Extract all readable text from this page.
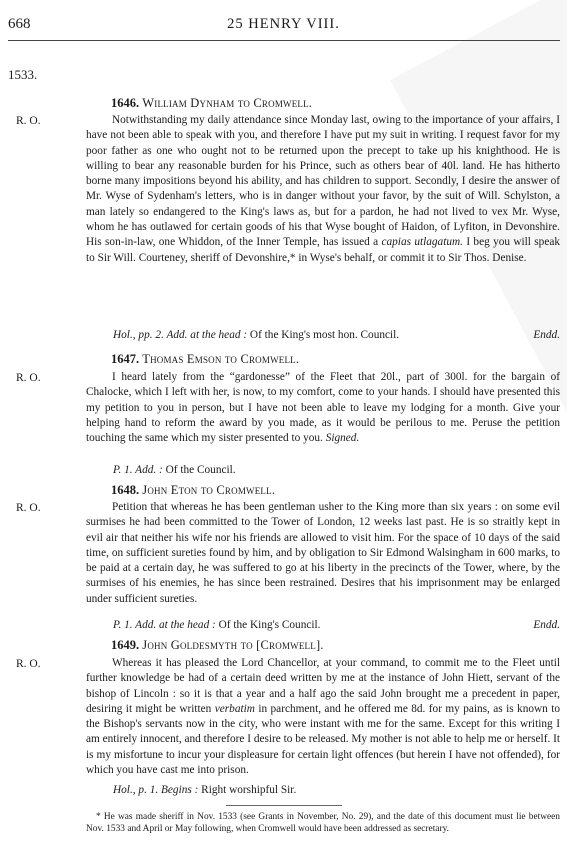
668	25 HENRY VIII.
1533.
R. O.
1646. William Dynham to Cromwell.

Notwithstanding my daily attendance since Monday last, owing to the importance of your affairs, I have not been able to speak with you, and therefore I have put my suit in writing. I request favor for my poor father as one who ought not to be returned upon the precept to take up his knighthood. He is willing to bear any reasonable burden for his Prince, such as others bear of 40l. land. He has hitherto borne many impositions beyond his ability, and has children to support. Secondly, I desire the answer of Mr. Wyse of Sydenham's letters, who is in danger without your favor, by the suit of Will. Schylston, a man lately so endangered to the King's laws as, but for a pardon, he had not lived to vex Mr. Wyse, whom he has outlawed for certain goods of his that Wyse bought of Haidon, of Lyfiton, in Devonshire. His son-in-law, one Whiddon, of the Inner Temple, has issued a capias utlagatum. I beg you will speak to Sir Will. Courteney, sheriff of Devonshire,* in Wyse's behalf, or commit it to Sir Thos. Denise.

Hol., pp. 2. Add. at the head : Of the King's most hon. Council.	Endd.

R. O.
1647. Thomas Emson to Cromwell.

I heard lately from the “gardonesse” of the Fleet that 20l., part of 300l. for the bargain of Chalocke, which I left with her, is now, to my comfort, come to your hands. I should have presented this my petition to you in person, but I have not been able to leave my lodging for a month. Give your helping hand to reform the award by you made, as it would be perilous to me. Peruse the petition touching the same which my sister presented to you. Signed.

P. 1. Add. : Of the Council.

R. O.
1648. John Eton to Cromwell.

Petition that whereas he has been gentleman usher to the King more than six years : on some evil surmises he had been committed to the Tower of London, 12 weeks last past. He is so straitly kept in evil air that neither his wife nor his friends are allowed to visit him. For the space of 10 days of the said time, on sufficient sureties found by him, and by obligation to Sir Edmond Walsingham in 600 marks, to be paid at a certain day, he was suffered to go at his liberty in the precincts of the Tower, where, by the surmises of his enemies, he has since been restrained. Desires that his imprisonment may be enlarged under sufficient sureties.

P. 1. Add. at the head : Of the King's Council.	Endd.

R. O.
1649. John Goldesmyth to [Cromwell].

Whereas it has pleased the Lord Chancellor, at your command, to commit me to the Fleet until further knowledge be had of a certain deed written by me at the instance of John Hiett, servant of the bishop of Lincoln : so it is that a year and a half ago the said John brought me a precedent in paper, desiring it might be written verbatim in parchment, and he offered me 8d. for my pains, as is known to the Bishop's servants now in the city, who were instant with me for the same. Except for this writing I am entirely innocent, and therefore I desire to be released. My mother is not able to help me or herself. It is my misfortune to incur your displeasure for certain light offences (but herein I have not offended), for which you have cast me into prison.

Hol., p. 1. Begins : Right worshipful Sir.

* He was made sheriff in Nov. 1533 (see Grants in November, No. 29), and the date of this document must lie between Nov. 1533 and April or May following, when Cromwell would have been addressed as secretary.
